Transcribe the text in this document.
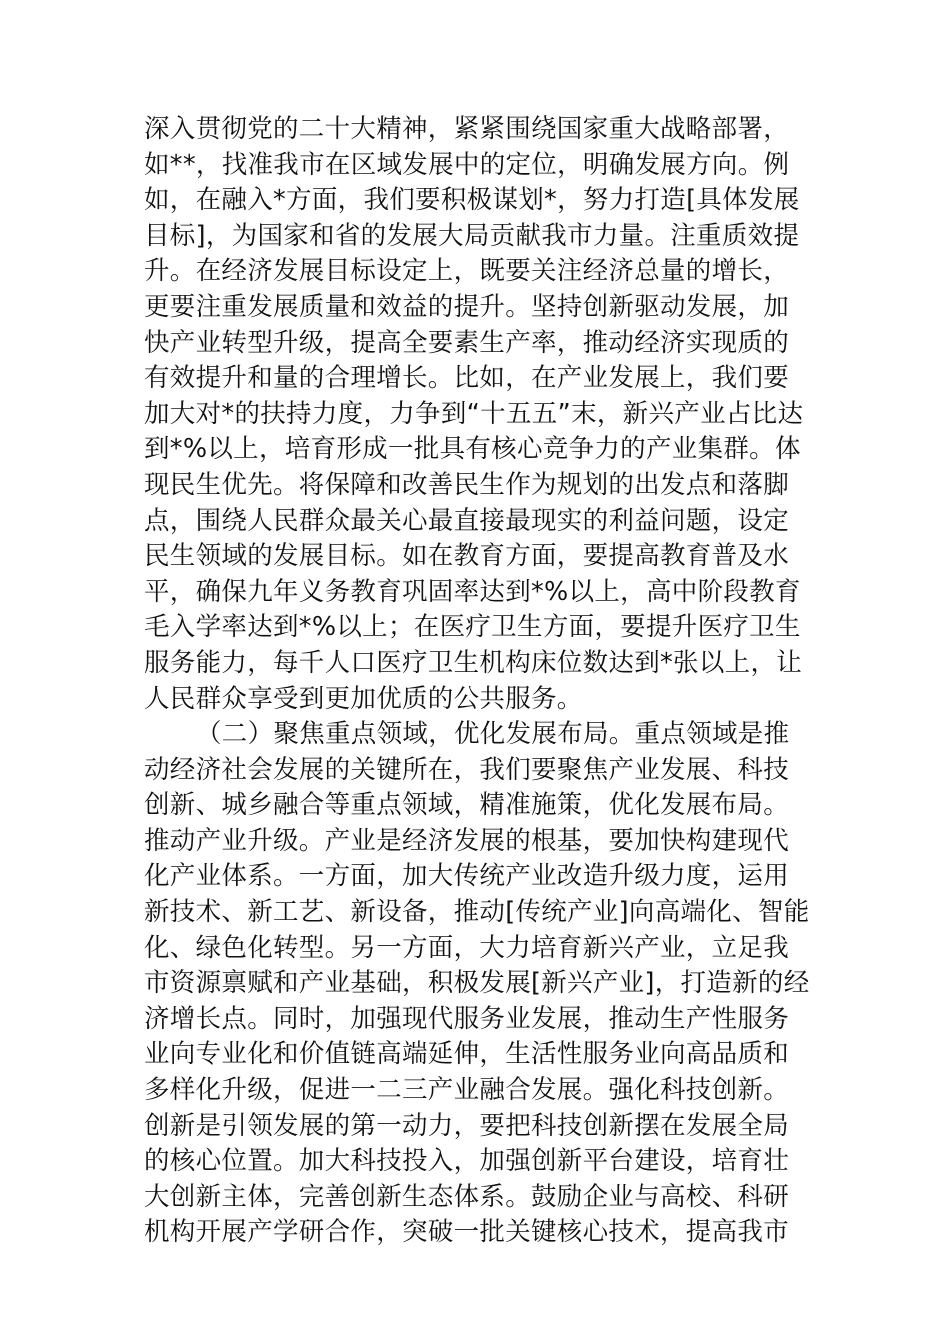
深入贯彻党的二十大精神，紧紧围绕国家重大战略部署，
如**，找准我市在区域发展中的定位，明确发展方向。例
如，在融入*方面，我们要积极谋划*，努力打造[具体发展
目标]，为国家和省的发展大局贡献我市力量。注重质效提
升。在经济发展目标设定上，既要关注经济总量的增长，
更要注重发展质量和效益的提升。坚持创新驱动发展，加
快产业转型升级，提高全要素生产率，推动经济实现质的
有效提升和量的合理增长。比如，在产业发展上，我们要
加大对*的扶持力度，力争到“十五五”末，新兴产业占比达
到*%以上，培育形成一批具有核心竞争力的产业集群。体
现民生优先。将保障和改善民生作为规划的出发点和落脚
点，围绕人民群众最关心最直接最现实的利益问题，设定
民生领域的发展目标。如在教育方面，要提高教育普及水
平，确保九年义务教育巩固率达到*%以上，高中阶段教育
毛入学率达到*%以上；在医疗卫生方面，要提升医疗卫生
服务能力，每千人口医疗卫生机构床位数达到*张以上，让
人民群众享受到更加优质的公共服务。
（二）聚焦重点领域，优化发展布局。重点领域是推
动经济社会发展的关键所在，我们要聚焦产业发展、科技
创新、城乡融合等重点领域，精准施策，优化发展布局。
推动产业升级。产业是经济发展的根基，要加快构建现代
化产业体系。一方面，加大传统产业改造升级力度，运用
新技术、新工艺、新设备，推动[传统产业]向高端化、智能
化、绿色化转型。另一方面，大力培育新兴产业，立足我
市资源禀赋和产业基础，积极发展[新兴产业]，打造新的经
济增长点。同时，加强现代服务业发展，推动生产性服务
业向专业化和价值链高端延伸，生活性服务业向高品质和
多样化升级，促进一二三产业融合发展。强化科技创新。
创新是引领发展的第一动力，要把科技创新摆在发展全局
的核心位置。加大科技投入，加强创新平台建设，培育壮
大创新主体，完善创新生态体系。鼓励企业与高校、科研
机构开展产学研合作，突破一批关键核心技术，提高我市
